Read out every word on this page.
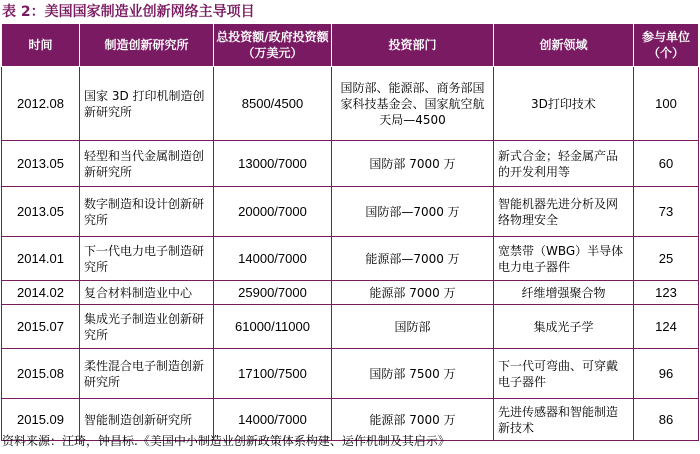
表 2：美国国家制造业创新网络主导项目
时间	制造创新研究所	总投资额/政府投资额（万美元）	投资部门	创新领域	参与单位（个）
2012.08	国家 3D 打印机制造创新研究所	8500/4500	国防部、能源部、商务部国家科技基金会、国家航空航天局—4500	3D打印技术	100
2013.05	轻型和当代金属制造创新研究所	13000/7000	国防部 7000 万	新式合金；轻金属产品的开发利用等	60
2013.05	数字制造和设计创新研究所	20000/7000	国防部—7000 万	智能机器先进分析及网络物理安全	73
2014.01	下一代电力电子制造研究所	14000/7000	能源部—7000 万	宽禁带（WBG）半导体电力电子器件	25
2014.02	复合材料制造业中心	25900/7000	能源部 7000 万	纤维增强聚合物	123
2015.07	集成光子制造业创新研究所	61000/11000	国防部	集成光子学	124
2015.08	柔性混合电子制造创新研究所	17100/7500	国防部 7500 万	下一代可弯曲、可穿戴电子器件	96
2015.09	智能制造创新研究所	14000/7000	能源部 7000 万	先进传感器和智能制造新技术	86
资料来源：汪琦，钟昌标.《美国中小制造业创新政策体系构建、运作机制及其启示》
